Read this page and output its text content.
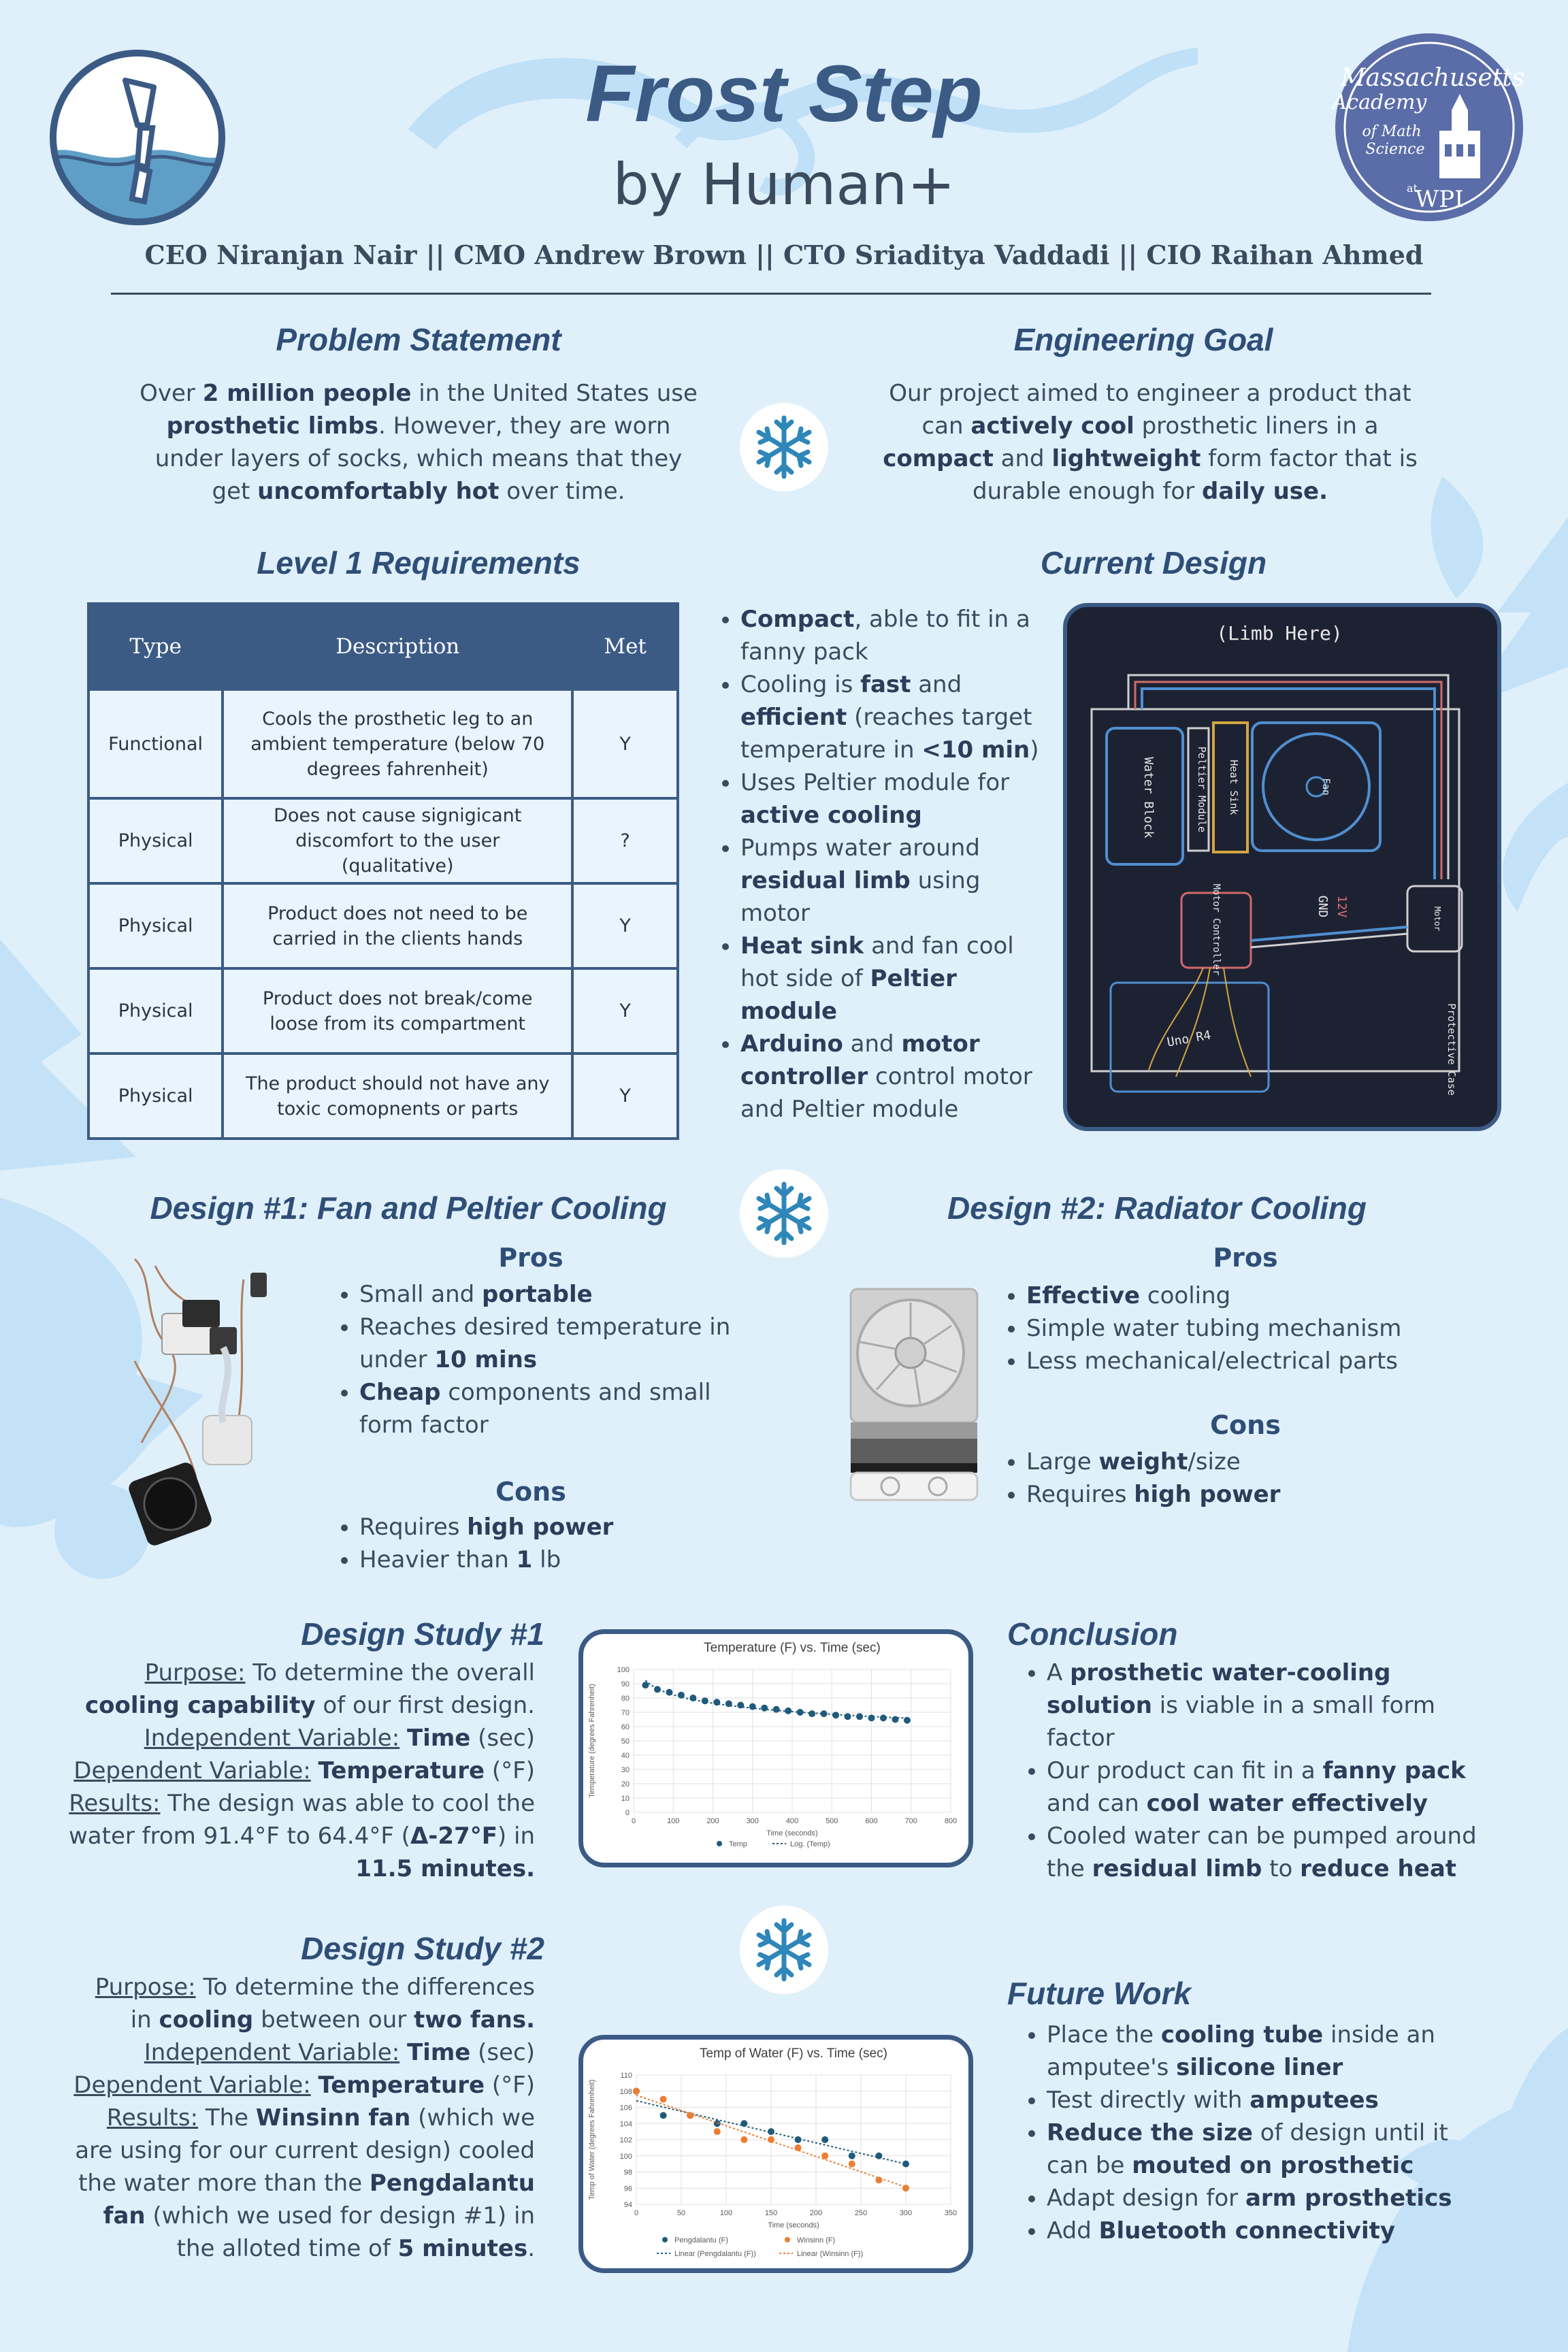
Massachusetts
Academy
of Math
Science
at
WPI
Frost Step
by Human+
CEO Niranjan Nair || CMO Andrew Brown || CTO Sriaditya Vaddadi || CIO Raihan Ahmed
Problem Statement
Over 2 million people in the United States use prosthetic limbs. However, they are worn under layers of socks, which means that they get uncomfortably hot over time.
Engineering Goal
Our project aimed to engineer a product that can actively cool prosthetic liners in a compact and lightweight form factor that is durable enough for daily use.
Level 1 Requirements
Type	Description	Met
Functional	Cools the prosthetic leg to an ambient temperature (below 70 degrees fahrenheit)	Y
Physical	Does not cause signigicant discomfort to the user (qualitative)	?
Physical	Product does not need to be carried in the clients hands	Y
Physical	Product does not break/come loose from its compartment	Y
Physical	The product should not have any toxic comopnents or parts	Y
• Compact, able to fit in a fanny pack
• Cooling is fast and efficient (reaches target temperature in <10 min)
• Uses Peltier module for active cooling
• Pumps water around residual limb using motor
• Heat sink and fan cool hot side of Peltier module
• Arduino and motor controller control motor and Peltier module
Current Design
(Limb Here)
Water Block	Peltier Module Heat Sink	Fan
Motor Controller	GND 12V	Motor
Uno R4	Protective Case
Design #1: Fan and Peltier Cooling
Pros
• Small and portable
• Reaches desired temperature in under 10 mins
• Cheap components and small form factor
Cons
• Requires high power
• Heavier than 1 lb
Design #2: Radiator Cooling
Pros
• Effective cooling
• Simple water tubing mechanism
• Less mechanical/electrical parts
Cons
• Large weight/size
• Requires high power
Design Study #1
Purpose: To determine the overall cooling capability of our first design.
Independent Variable: Time (sec)
Dependent Variable: Temperature (°F)
Results: The design was able to cool the water from 91.4°F to 64.4°F (Δ-27°F) in 11.5 minutes.
Temperature (F) vs. Time (sec)
0
10
20
30
40
50
60
70
80
90
100
0	100	200	300	400	500	600	700	800
Time (seconds)
Temperature (degrees Fahrenheit)
Temp	Log. (Temp)
Design Study #2
Purpose: To determine the differences in cooling between our two fans.
Independent Variable: Time (sec)
Dependent Variable: Temperature (°F)
Results: The Winsinn fan (which we are using for our current design) cooled the water more than the Pengdalantu fan (which we used for design #1) in the alloted time of 5 minutes.
Temp of Water (F) vs. Time (sec)
94
96
98
100
102
104
106
108
110
0	50	100	150	200	250	300	350
Time (seconds)
Temp of Water (degrees Fahrenheit)
Pengdalantu (F)	Winsinn (F)
Linear (Pengdalantu (F))	Linear (Winsinn (F))
Conclusion
• A prosthetic water-cooling solution is viable in a small form factor
• Our product can fit in a fanny pack and can cool water effectively
• Cooled water can be pumped around the residual limb to reduce heat
Future Work
• Place the cooling tube inside an amputee's silicone liner
• Test directly with amputees
• Reduce the size of design until it can be mouted on prosthetic
• Adapt design for arm prosthetics
• Add Bluetooth connectivity
